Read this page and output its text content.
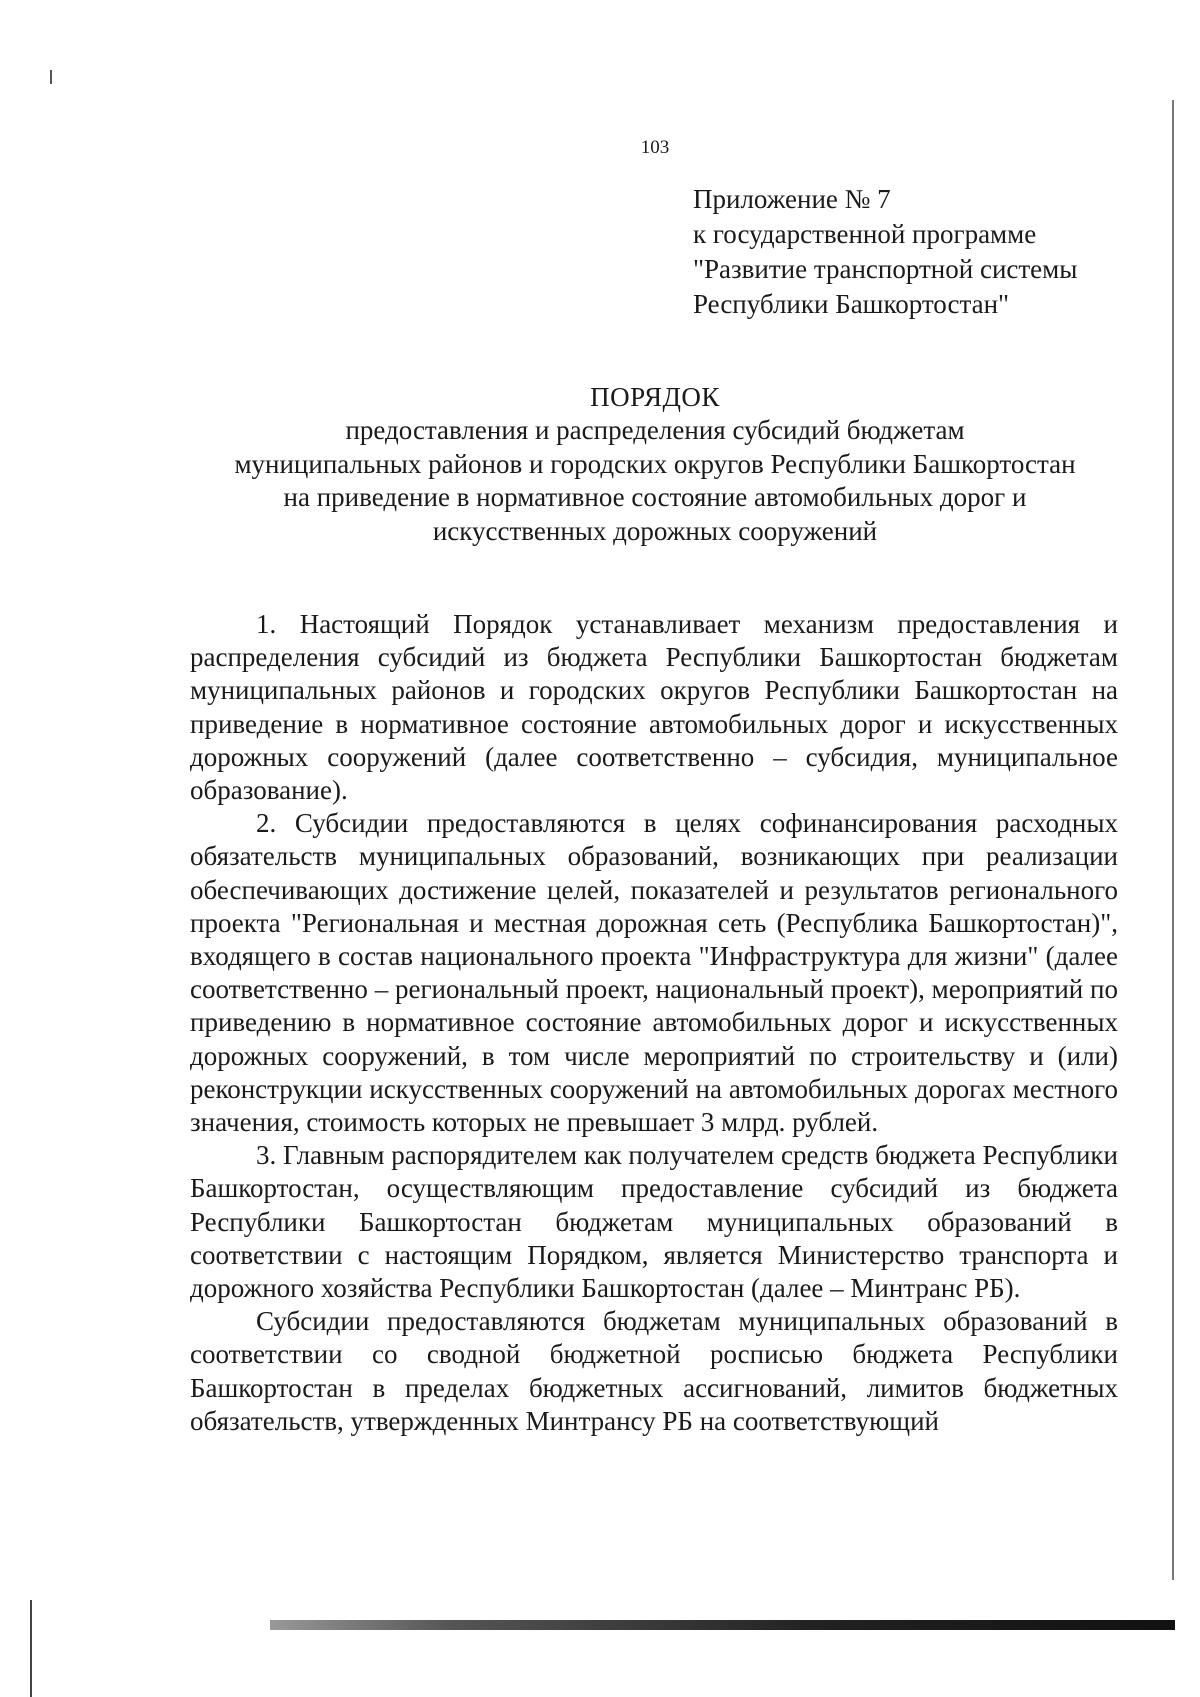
103
Приложение № 7
к государственной программе
"Развитие транспортной системы
Республики Башкортостан"
ПОРЯДОК
предоставления и распределения субсидий бюджетам
муниципальных районов и городских округов Республики Башкортостан
на приведение в нормативное состояние автомобильных дорог и
искусственных дорожных сооружений

1. Настоящий Порядок устанавливает механизм предоставления и распределения субсидий из бюджета Республики Башкортостан бюджетам муниципальных районов и городских округов Республики Башкортостан на приведение в нормативное состояние автомобильных дорог и искусственных дорожных сооружений (далее соответственно – субсидия, муниципальное образование).

2. Субсидии предоставляются в целях софинансирования расходных обязательств муниципальных образований, возникающих при реализации обеспечивающих достижение целей, показателей и результатов регионального проекта "Региональная и местная дорожная сеть (Республика Башкортостан)", входящего в состав национального проекта "Инфраструктура для жизни" (далее соответственно – региональный проект, национальный проект), мероприятий по приведению в нормативное состояние автомобильных дорог и искусственных дорожных сооружений, в том числе мероприятий по строительству и (или) реконструкции искусственных сооружений на автомобильных дорогах местного значения, стоимость которых не превышает 3 млрд. рублей.

3. Главным распорядителем как получателем средств бюджета Республики Башкортостан, осуществляющим предоставление субсидий из бюджета Республики Башкортостан бюджетам муниципальных образований в соответствии с настоящим Порядком, является Министерство транспорта и дорожного хозяйства Республики Башкортостан (далее – Минтранс РБ).

Субсидии предоставляются бюджетам муниципальных образований в соответствии со сводной бюджетной росписью бюджета Республики Башкортостан в пределах бюджетных ассигнований, лимитов бюджетных обязательств, утвержденных Минтрансу РБ на соответствующий
